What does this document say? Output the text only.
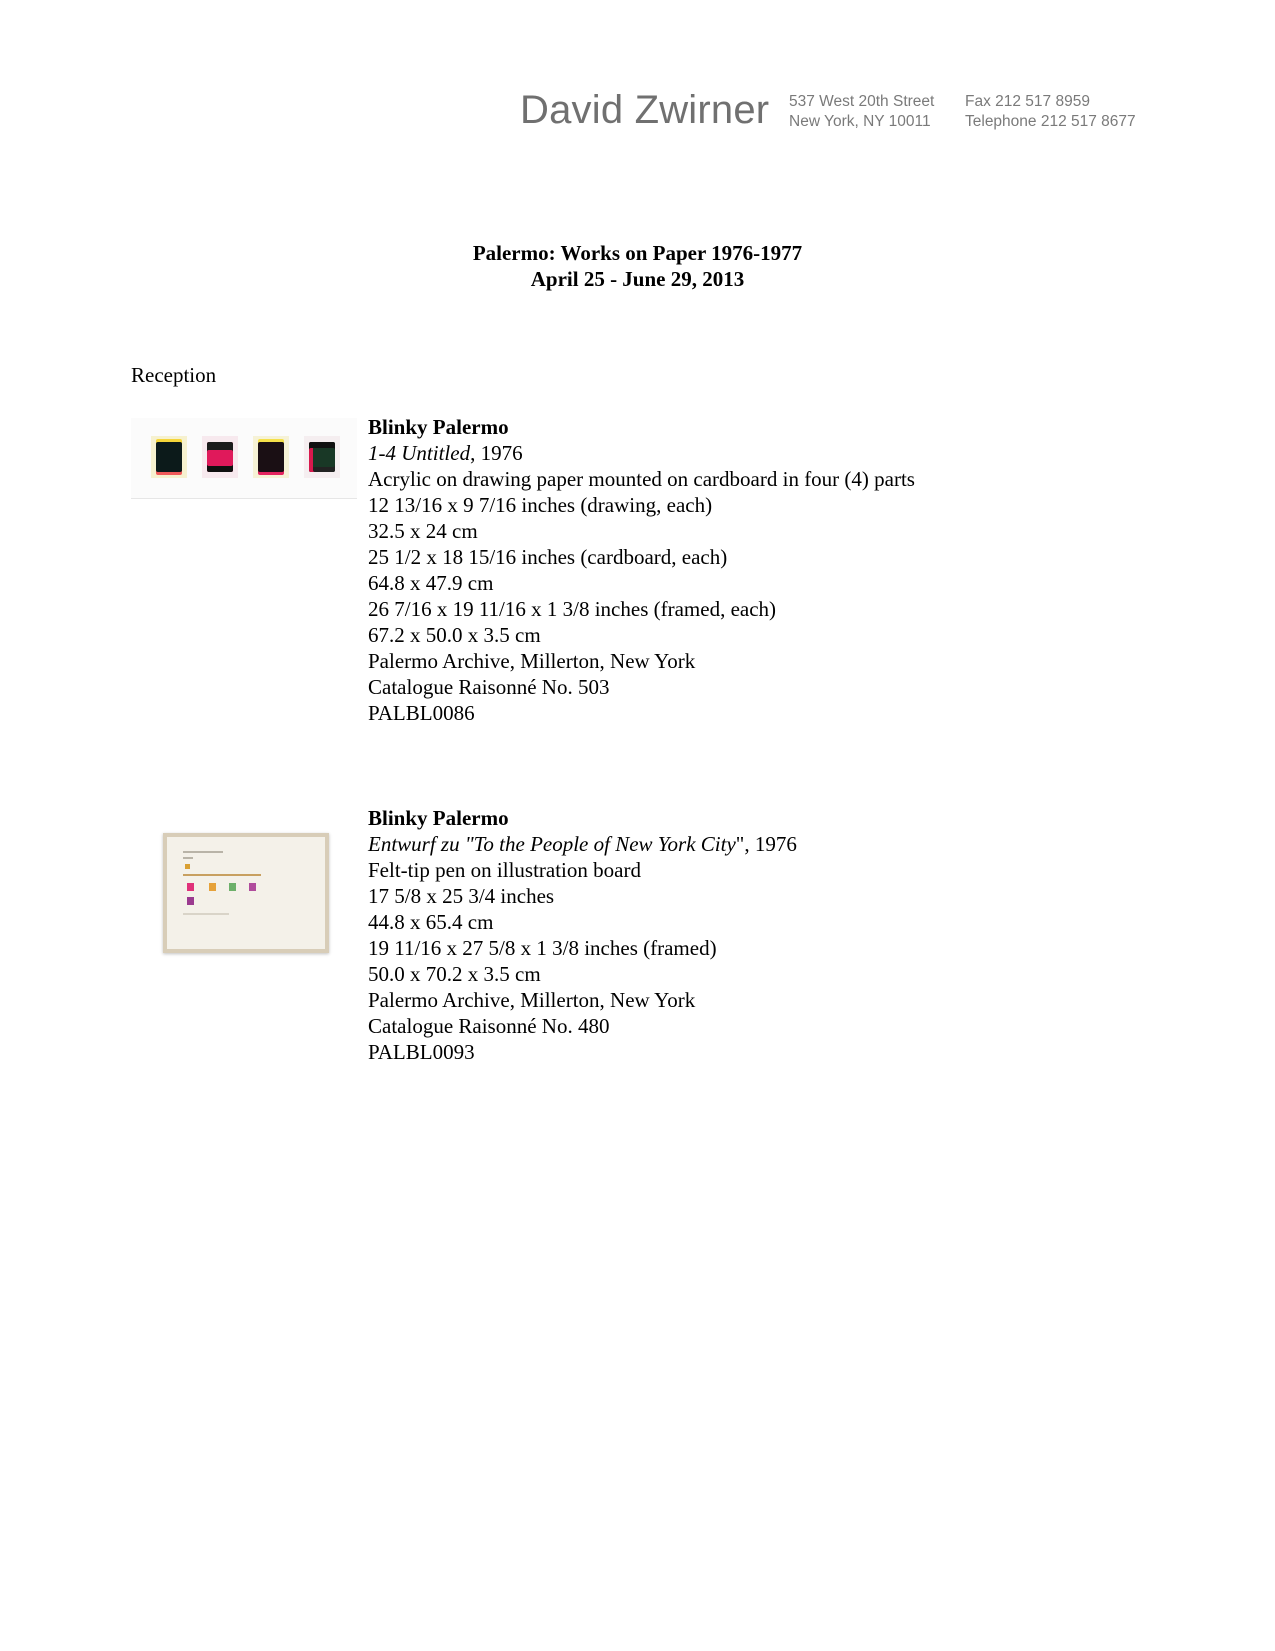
David Zwirner 537 West 20th Street
New York, NY 10011
Fax 212 517 8959
Telephone 212 517 8677
Palermo: Works on Paper 1976-1977
April 25 - June 29, 2013
Reception
Blinky Palermo
1-4 Untitled, 1976
Acrylic on drawing paper mounted on cardboard in four (4) parts
12 13/16 x 9 7/16 inches (drawing, each)
32.5 x 24 cm
25 1/2 x 18 15/16 inches (cardboard, each)
64.8 x 47.9 cm
26 7/16 x 19 11/16 x 1 3/8 inches (framed, each)
67.2 x 50.0 x 3.5 cm
Palermo Archive, Millerton, New York
Catalogue Raisonné No. 503
PALBL0086
Blinky Palermo
Entwurf zu "To the People of New York City", 1976
Felt-tip pen on illustration board
17 5/8 x 25 3/4 inches
44.8 x 65.4 cm
19 11/16 x 27 5/8 x 1 3/8 inches (framed)
50.0 x 70.2 x 3.5 cm
Palermo Archive, Millerton, New York
Catalogue Raisonné No. 480
PALBL0093
